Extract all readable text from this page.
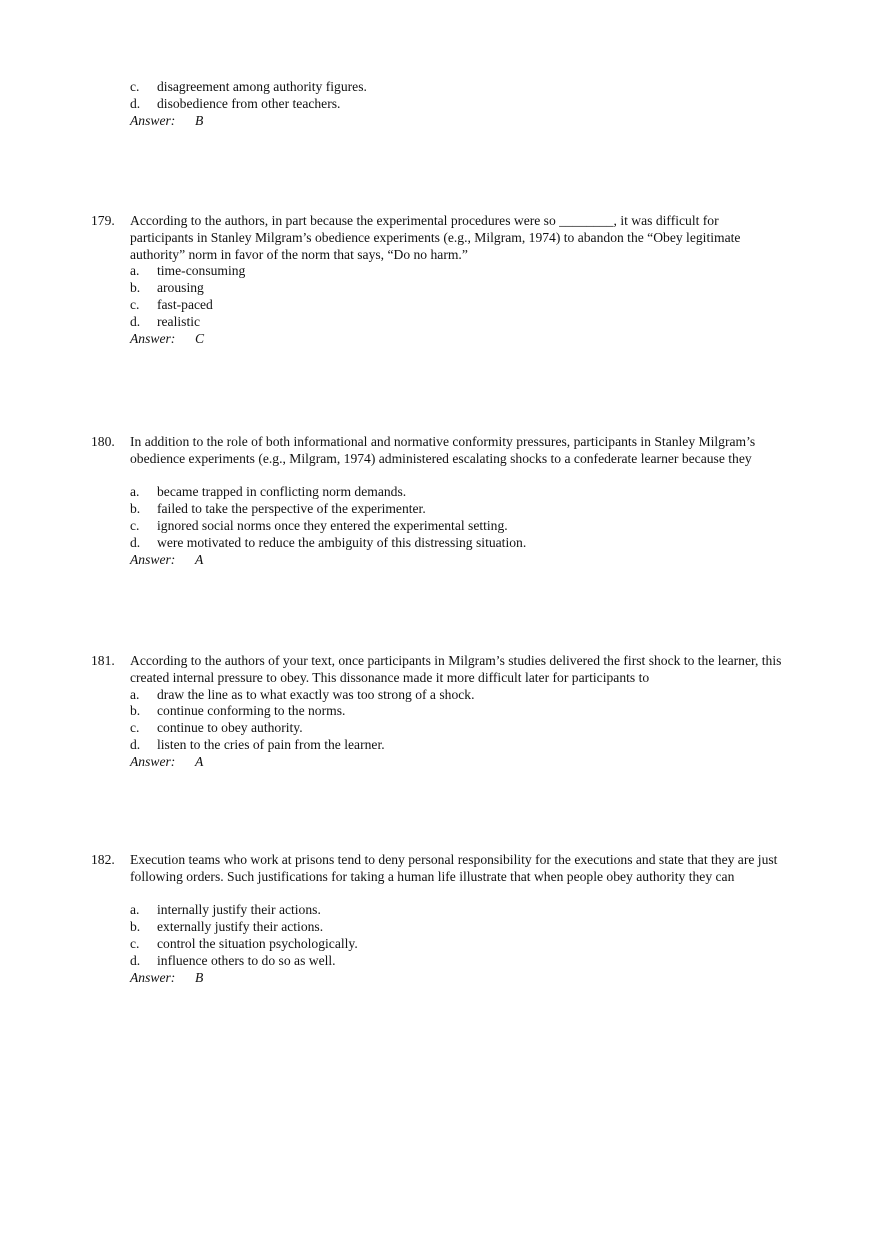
c. disagreement among authority figures.
d. disobedience from other teachers.
Answer: B
179. According to the authors, in part because the experimental procedures were so ________, it was difficult for participants in Stanley Milgram’s obedience experiments (e.g., Milgram, 1974) to abandon the “Obey legitimate authority” norm in favor of the norm that says, “Do no harm.”
a. time-consuming
b. arousing
c. fast-paced
d. realistic
Answer: C
180. In addition to the role of both informational and normative conformity pressures, participants in Stanley Milgram’s obedience experiments (e.g., Milgram, 1974) administered escalating shocks to a confederate learner because they
a. became trapped in conflicting norm demands.
b. failed to take the perspective of the experimenter.
c. ignored social norms once they entered the experimental setting.
d. were motivated to reduce the ambiguity of this distressing situation.
Answer: A
181. According to the authors of your text, once participants in Milgram’s studies delivered the first shock to the learner, this created internal pressure to obey. This dissonance made it more difficult later for participants to
a. draw the line as to what exactly was too strong of a shock.
b. continue conforming to the norms.
c. continue to obey authority.
d. listen to the cries of pain from the learner.
Answer: A
182. Execution teams who work at prisons tend to deny personal responsibility for the executions and state that they are just following orders. Such justifications for taking a human life illustrate that when people obey authority they can
a. internally justify their actions.
b. externally justify their actions.
c. control the situation psychologically.
d. influence others to do so as well.
Answer: B
